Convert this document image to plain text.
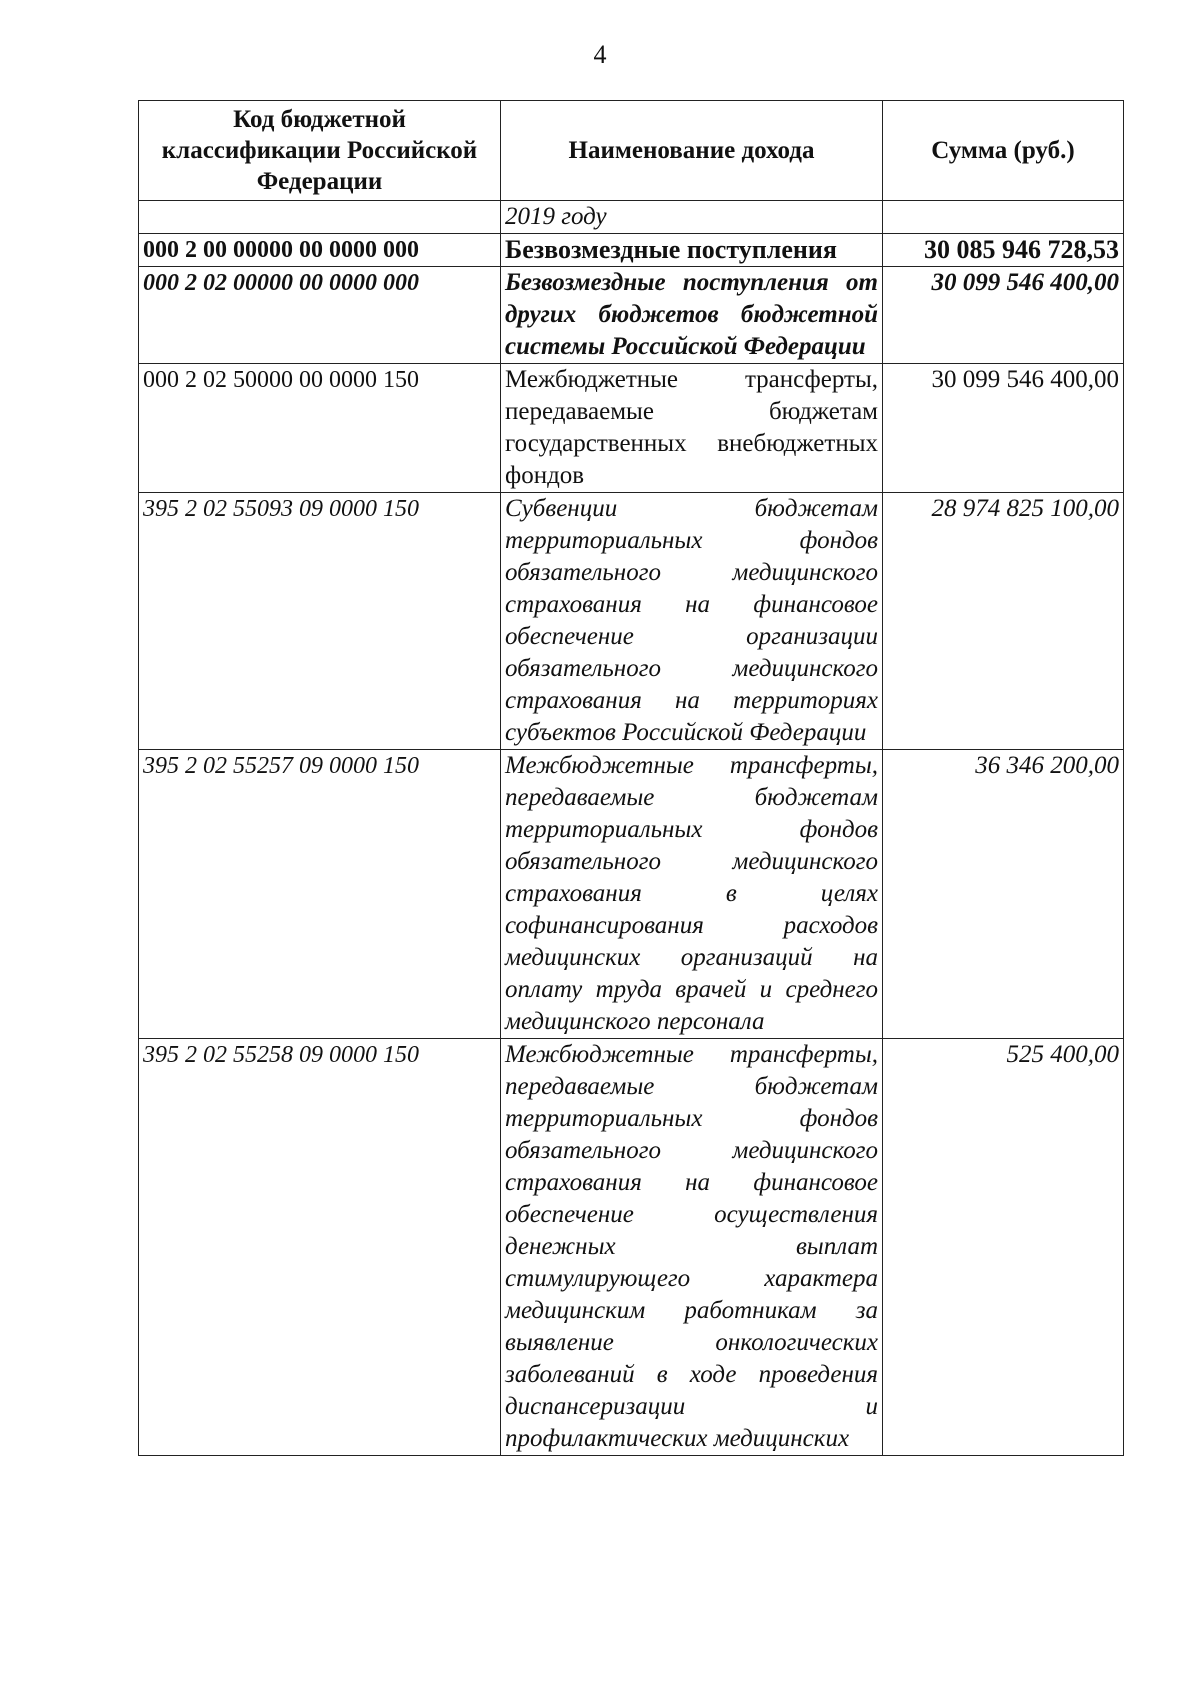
4
Код бюджетной классификации Российской Федерации	Наименование дохода	Сумма (руб.)
	2019 году	
000 2 00 00000 00 0000 000	Безвозмездные поступления	30 085 946 728,53
000 2 02 00000 00 0000 000	Безвозмездные поступления от других бюджетов бюджетной системы Российской Федерации	30 099 546 400,00
000 2 02 50000 00 0000 150	Межбюджетные трансферты, передаваемые бюджетам государственных внебюджетных фондов	30 099 546 400,00
395 2 02 55093 09 0000 150	Субвенции бюджетам территориальных фондов обязательного медицинского страхования на финансовое обеспечение организации обязательного медицинского страхования на территориях субъектов Российской Федерации	28 974 825 100,00
395 2 02 55257 09 0000 150	Межбюджетные трансферты, передаваемые бюджетам территориальных фондов обязательного медицинского страхования в целях софинансирования расходов медицинских организаций на оплату труда врачей и среднего медицинского персонала	36 346 200,00
395 2 02 55258 09 0000 150	Межбюджетные трансферты, передаваемые бюджетам территориальных фондов обязательного медицинского страхования на финансовое обеспечение осуществления денежных выплат стимулирующего характера медицинским работникам за выявление онкологических заболеваний в ходе проведения диспансеризации и профилактических медицинских	525 400,00
